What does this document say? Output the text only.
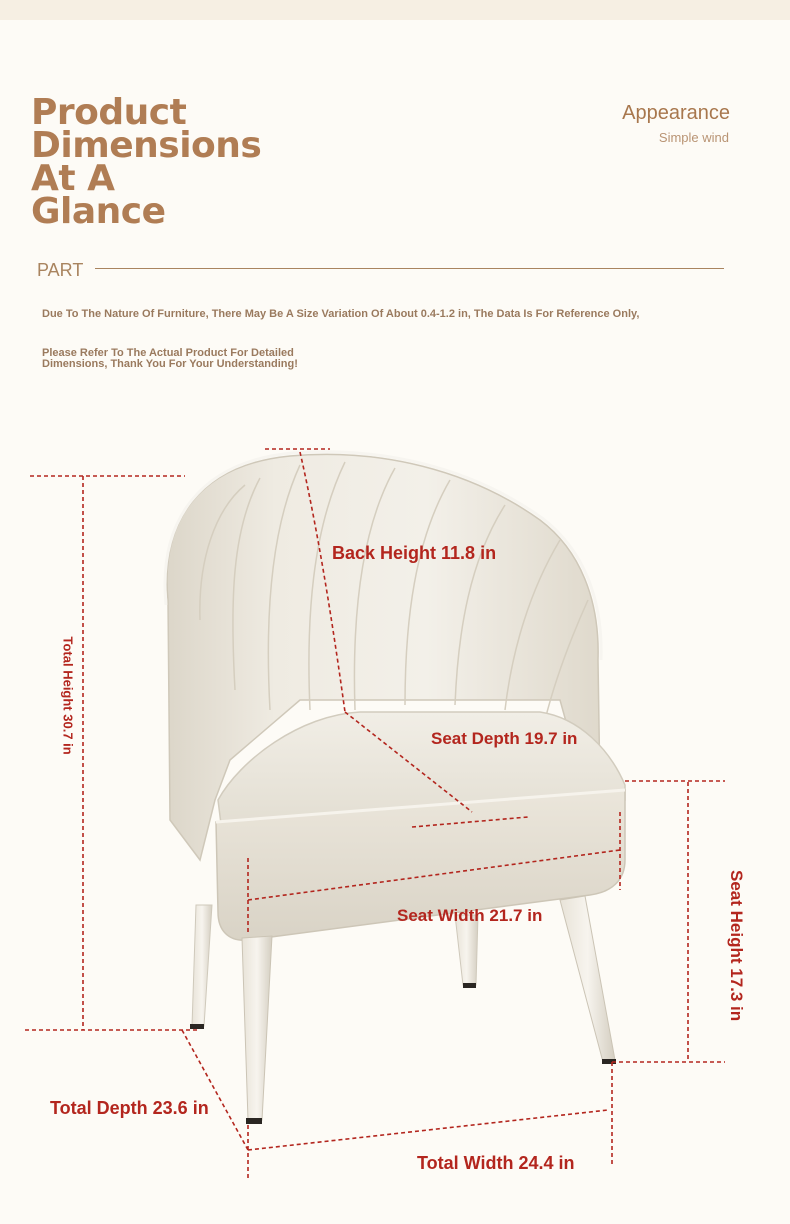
Product
Dimensions
At A
Glance
Appearance
Simple wind
PART
Due To The Nature Of Furniture, There May Be A Size Variation Of About 0.4-1.2 in, The Data Is For Reference Only,
Please Refer To The Actual Product For Detailed Dimensions, Thank You For Your Understanding!
Back Height 11.8 in
Seat Depth 19.7 in
Seat Width 21.7 in
Total Depth 23.6 in
Total Width 24.4 in
Total Height 30.7 in
Seat Height 17.3 in
